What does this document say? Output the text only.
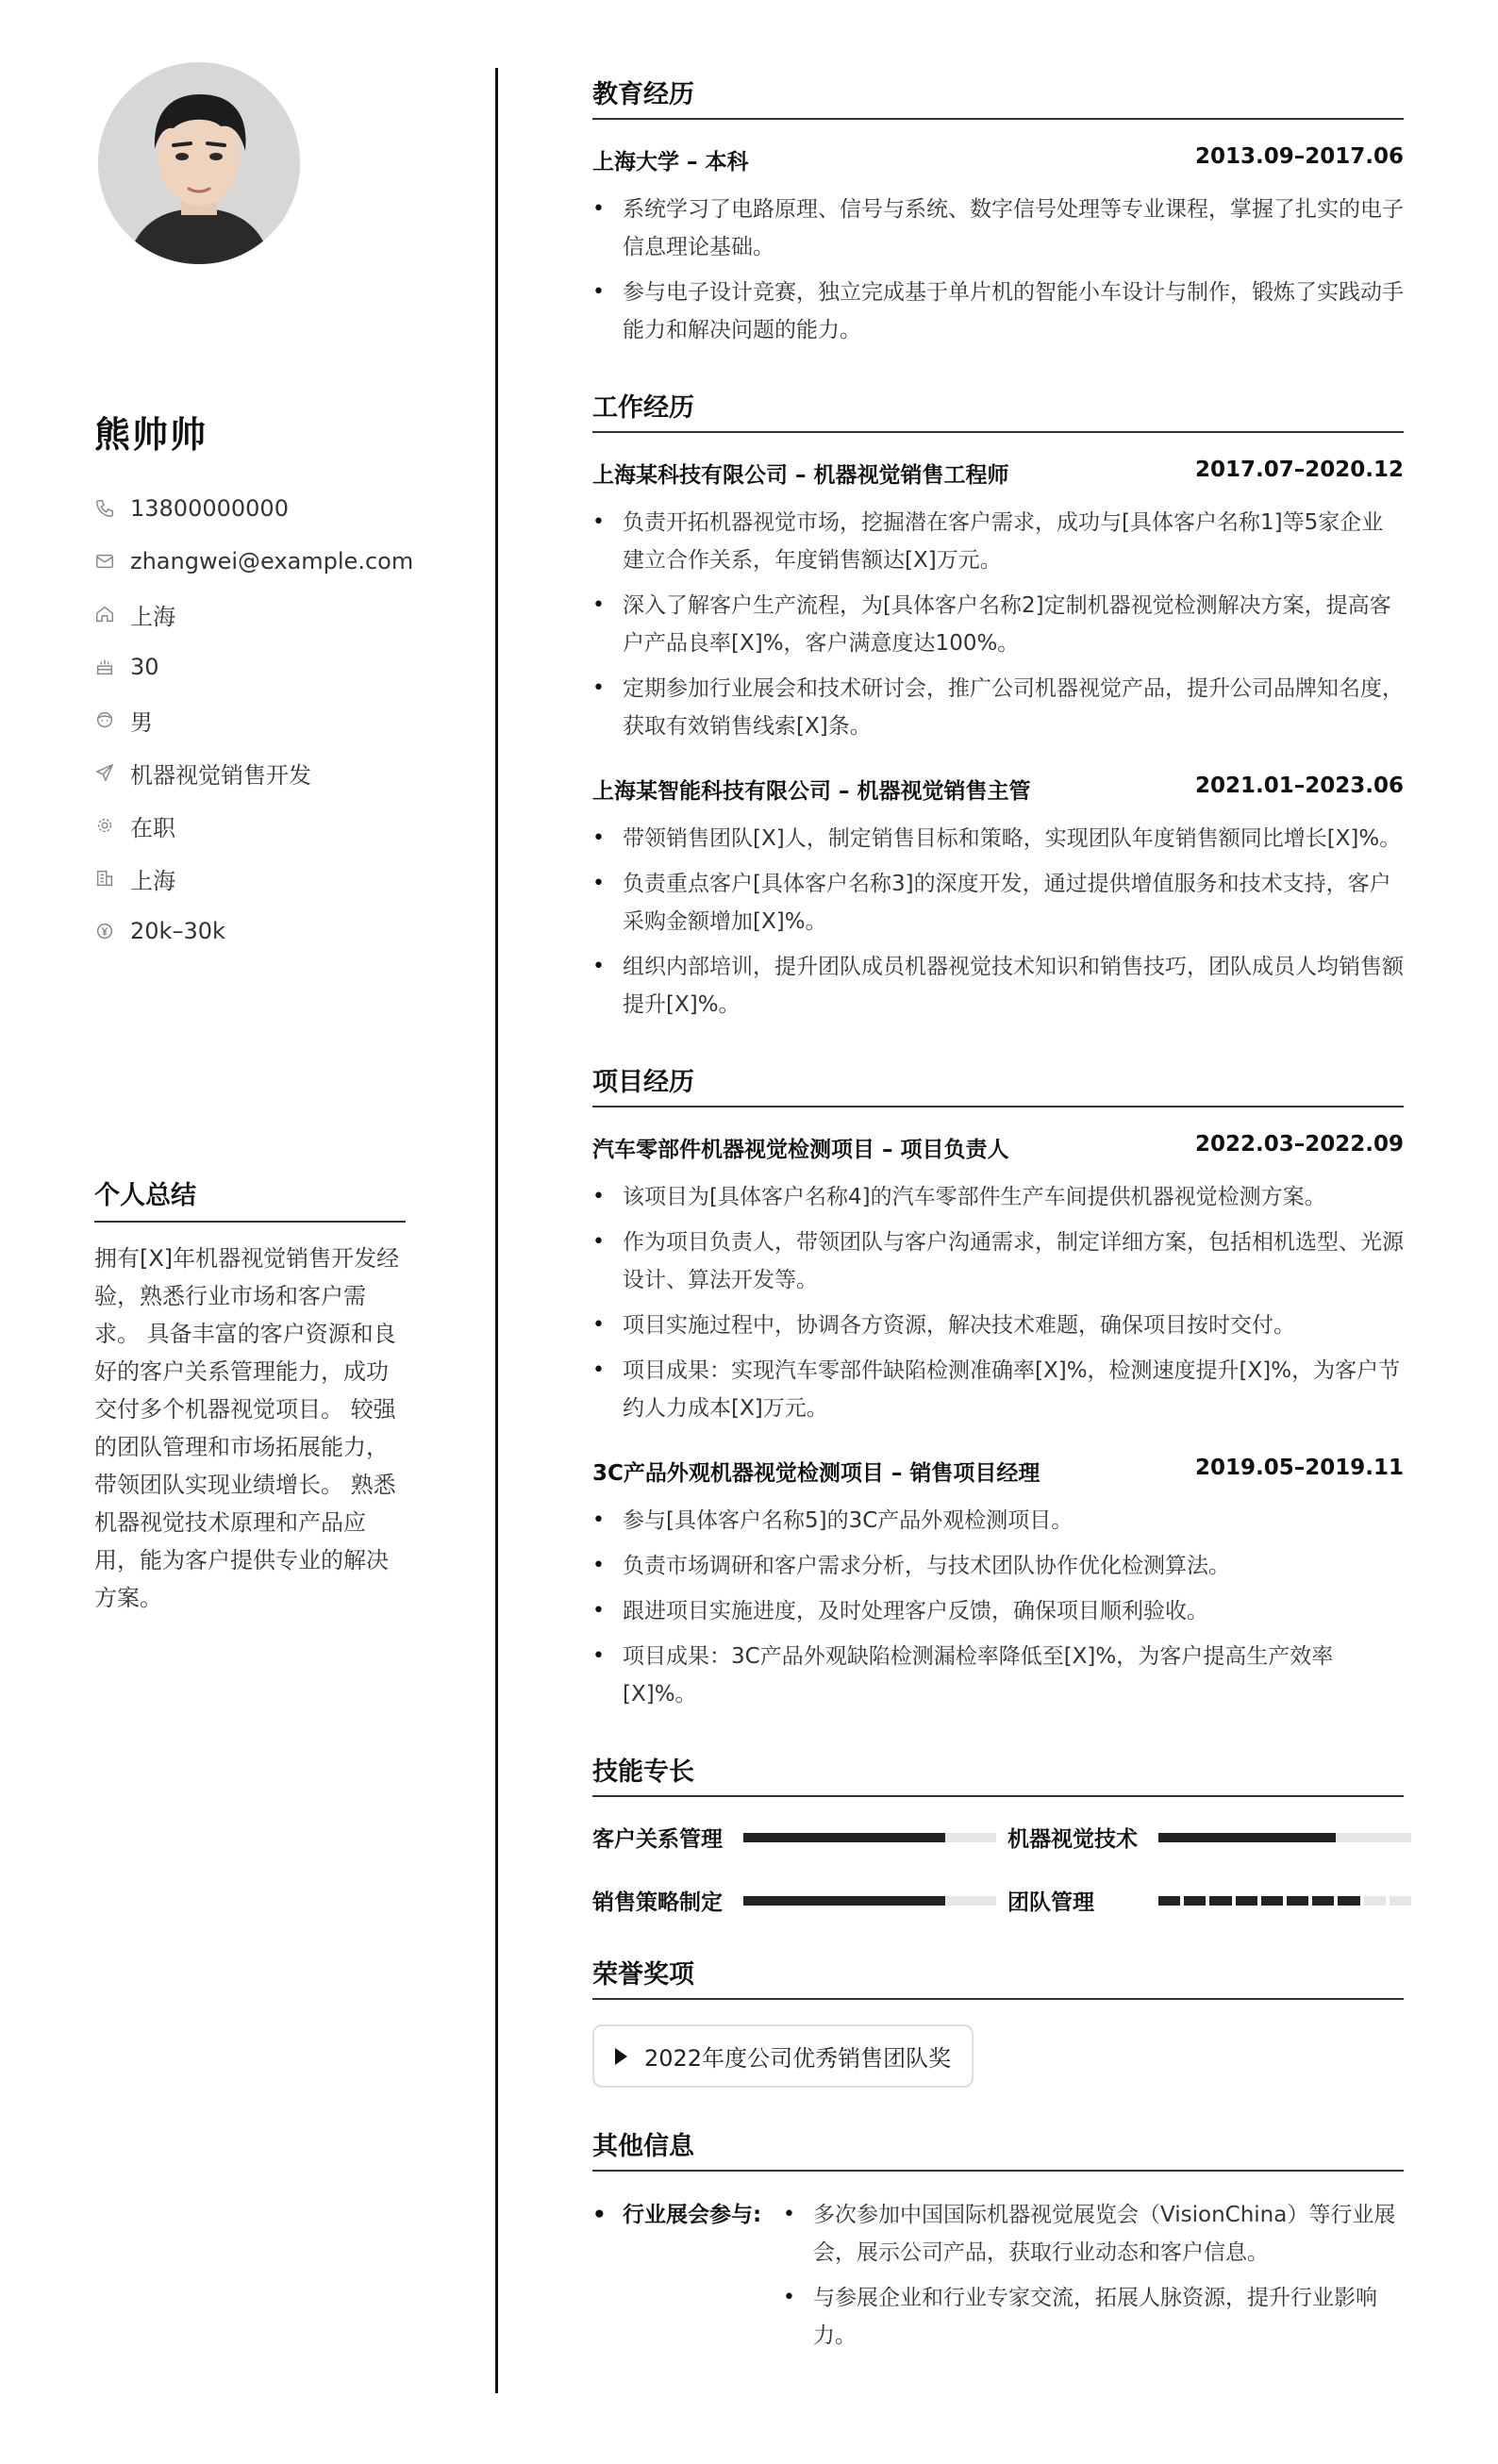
熊帅帅
13800000000
zhangwei@example.com
上海
30
男
机器视觉销售开发
在职
上海
20k–30k
个人总结
拥有[X]年机器视觉销售开发经验，熟悉行业市场和客户需求。 具备丰富的客户资源和良好的客户关系管理能力，成功交付多个机器视觉项目。 较强的团队管理和市场拓展能力，带领团队实现业绩增长。 熟悉机器视觉技术原理和产品应用，能为客户提供专业的解决方案。
教育经历
上海大学 – 本科	2013.09–2017.06
• 系统学习了电路原理、信号与系统、数字信号处理等专业课程，掌握了扎实的电子信息理论基础。
• 参与电子设计竞赛，独立完成基于单片机的智能小车设计与制作，锻炼了实践动手能力和解决问题的能力。
工作经历
上海某科技有限公司 – 机器视觉销售工程师	2017.07–2020.12
• 负责开拓机器视觉市场，挖掘潜在客户需求，成功与[具体客户名称1]等5家企业建立合作关系，年度销售额达[X]万元。
• 深入了解客户生产流程，为[具体客户名称2]定制机器视觉检测解决方案，提高客户产品良率[X]%，客户满意度达100%。
• 定期参加行业展会和技术研讨会，推广公司机器视觉产品，提升公司品牌知名度，获取有效销售线索[X]条。
上海某智能科技有限公司 – 机器视觉销售主管	2021.01–2023.06
• 带领销售团队[X]人，制定销售目标和策略，实现团队年度销售额同比增长[X]%。
• 负责重点客户[具体客户名称3]的深度开发，通过提供增值服务和技术支持，客户采购金额增加[X]%。
• 组织内部培训，提升团队成员机器视觉技术知识和销售技巧，团队成员人均销售额提升[X]%。
项目经历
汽车零部件机器视觉检测项目 – 项目负责人	2022.03–2022.09
• 该项目为[具体客户名称4]的汽车零部件生产车间提供机器视觉检测方案。
• 作为项目负责人，带领团队与客户沟通需求，制定详细方案，包括相机选型、光源设计、算法开发等。
• 项目实施过程中，协调各方资源，解决技术难题，确保项目按时交付。
• 项目成果：实现汽车零部件缺陷检测准确率[X]%，检测速度提升[X]%，为客户节约人力成本[X]万元。
3C产品外观机器视觉检测项目 – 销售项目经理	2019.05–2019.11
• 参与[具体客户名称5]的3C产品外观检测项目。
• 负责市场调研和客户需求分析，与技术团队协作优化检测算法。
• 跟进项目实施进度，及时处理客户反馈，确保项目顺利验收。
• 项目成果：3C产品外观缺陷检测漏检率降低至[X]%，为客户提高生产效率[X]%。
技能专长
客户关系管理	机器视觉技术
销售策略制定	团队管理
荣誉奖项
2022年度公司优秀销售团队奖
其他信息
• 行业展会参与:
•	多次参加中国国际机器视觉展览会（VisionChina）等行业展会，展示公司产品，获取行业动态和客户信息。
• 与参展企业和行业专家交流，拓展人脉资源，提升行业影响力。
